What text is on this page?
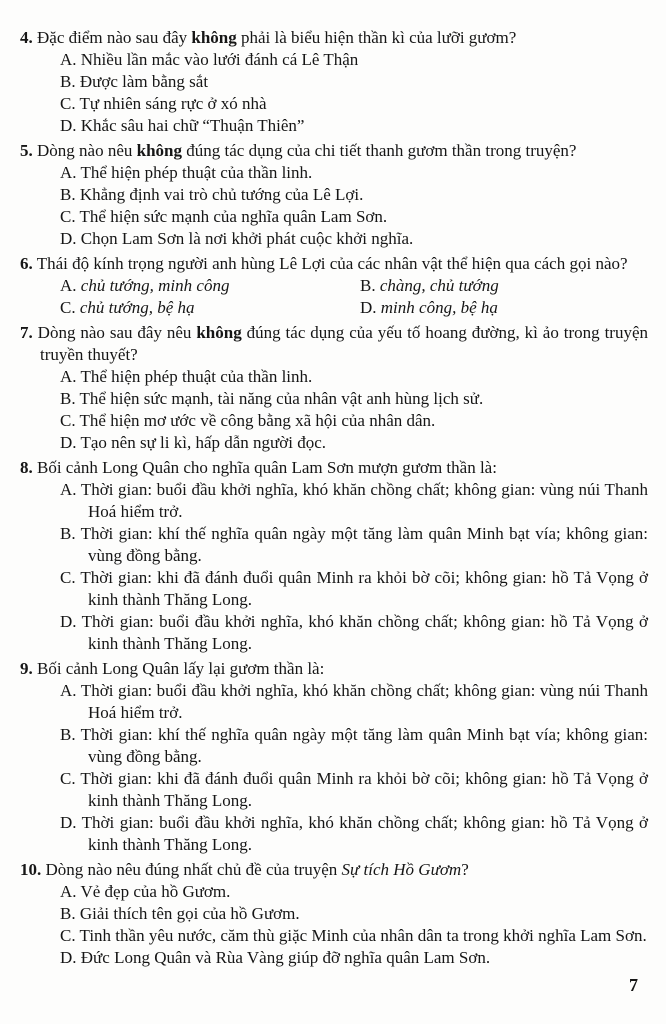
4. Đặc điểm nào sau đây không phải là biểu hiện thần kì của lưỡi gươm?
A. Nhiều lần mắc vào lưới đánh cá Lê Thận
B. Được làm bằng sắt
C. Tự nhiên sáng rực ở xó nhà
D. Khắc sâu hai chữ “Thuận Thiên”
5. Dòng nào nêu không đúng tác dụng của chi tiết thanh gươm thần trong truyện?
A. Thể hiện phép thuật của thần linh.
B. Khẳng định vai trò chủ tướng của Lê Lợi.
C. Thể hiện sức mạnh của nghĩa quân Lam Sơn.
D. Chọn Lam Sơn là nơi khởi phát cuộc khởi nghĩa.
6. Thái độ kính trọng người anh hùng Lê Lợi của các nhân vật thể hiện qua cách gọi nào?
A. chủ tướng, minh công	B. chàng, chủ tướng
C. chủ tướng, bệ hạ	D. minh công, bệ hạ
7. Dòng nào sau đây nêu không đúng tác dụng của yếu tố hoang đường, kì ảo trong truyện truyền thuyết?
A. Thể hiện phép thuật của thần linh.
B. Thể hiện sức mạnh, tài năng của nhân vật anh hùng lịch sử.
C. Thể hiện mơ ước về công bằng xã hội của nhân dân.
D. Tạo nên sự li kì, hấp dẫn người đọc.
8. Bối cảnh Long Quân cho nghĩa quân Lam Sơn mượn gươm thần là:
A. Thời gian: buổi đầu khởi nghĩa, khó khăn chồng chất; không gian: vùng núi Thanh Hoá hiểm trở.
B. Thời gian: khí thế nghĩa quân ngày một tăng làm quân Minh bạt vía; không gian: vùng đồng bằng.
C. Thời gian: khi đã đánh đuổi quân Minh ra khỏi bờ cõi; không gian: hồ Tả Vọng ở kinh thành Thăng Long.
D. Thời gian: buổi đầu khởi nghĩa, khó khăn chồng chất; không gian: hồ Tả Vọng ở kinh thành Thăng Long.
9. Bối cảnh Long Quân lấy lại gươm thần là:
A. Thời gian: buổi đầu khởi nghĩa, khó khăn chồng chất; không gian: vùng núi Thanh Hoá hiểm trở.
B. Thời gian: khí thế nghĩa quân ngày một tăng làm quân Minh bạt vía; không gian: vùng đồng bằng.
C. Thời gian: khi đã đánh đuổi quân Minh ra khỏi bờ cõi; không gian: hồ Tả Vọng ở kinh thành Thăng Long.
D. Thời gian: buổi đầu khởi nghĩa, khó khăn chồng chất; không gian: hồ Tả Vọng ở kinh thành Thăng Long.
10. Dòng nào nêu đúng nhất chủ đề của truyện Sự tích Hồ Gươm?
A. Vẻ đẹp của hồ Gươm.
B. Giải thích tên gọi của hồ Gươm.
C. Tinh thần yêu nước, căm thù giặc Minh của nhân dân ta trong khởi nghĩa Lam Sơn.
D. Đức Long Quân và Rùa Vàng giúp đỡ nghĩa quân Lam Sơn.
7
